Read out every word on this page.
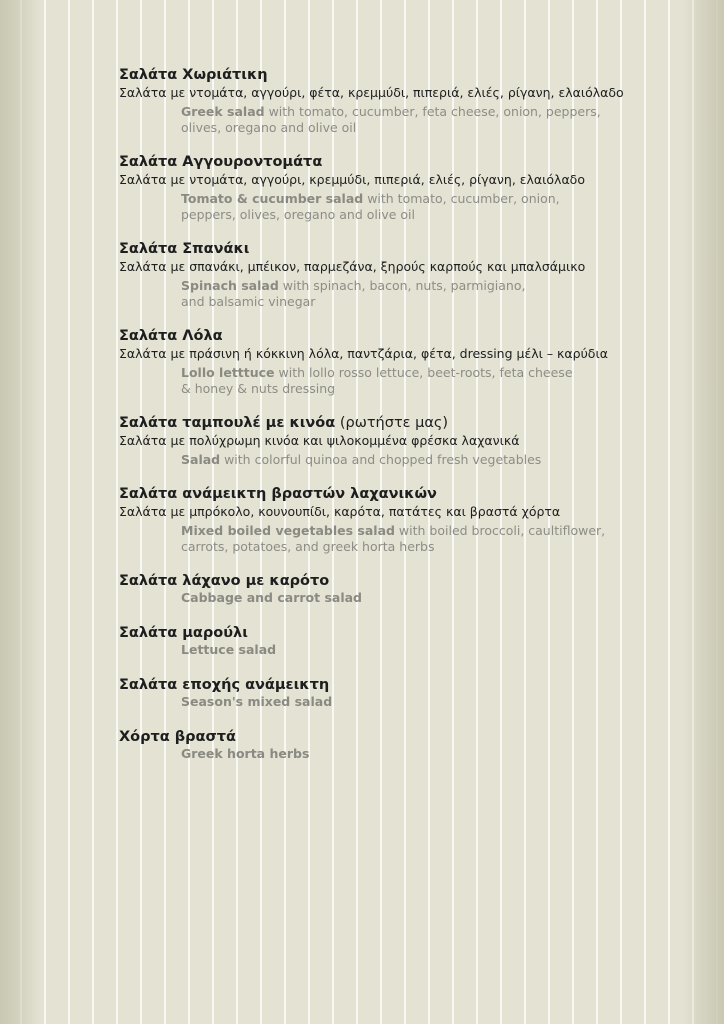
Σαλάτα Χωριάτικη
Σαλάτα με ντομάτα, αγγούρι, φέτα, κρεμμύδι, πιπεριά, ελιές, ρίγανη, ελαιόλαδο
Greek salad with tomato, cucumber, feta cheese, onion, peppers,
olives, oregano and olive oil
Σαλάτα Αγγουροντομάτα
Σαλάτα με ντομάτα, αγγούρι, κρεμμύδι, πιπεριά, ελιές, ρίγανη, ελαιόλαδο
Tomato & cucumber salad with tomato, cucumber, onion,
peppers, olives, oregano and olive oil
Σαλάτα Σπανάκι
Σαλάτα με σπανάκι, μπέικον, παρμεζάνα, ξηρούς καρπούς και μπαλσάμικο
Spinach salad with spinach, bacon, nuts, parmigiano,
and balsamic vinegar
Σαλάτα Λόλα
Σαλάτα με πράσινη ή κόκκινη λόλα, παντζάρια, φέτα, dressing μέλι – καρύδια
Lollo letttuce with lollo rosso lettuce, beet-roots, feta cheese
& honey & nuts dressing
Σαλάτα ταμπουλέ με κινόα (ρωτήστε μας)
Σαλάτα με πολύχρωμη κινόα και ψιλοκομμένα φρέσκα λαχανικά
Salad with colorful quinoa and chopped fresh vegetables
Σαλάτα ανάμεικτη βραστών λαχανικών
Σαλάτα με μπρόκολο, κουνουπίδι, καρότα, πατάτες και βραστά χόρτα
Mixed boiled vegetables salad with boiled broccoli, caultiflower,
carrots, potatoes, and greek horta herbs
Σαλάτα λάχανο με καρότο
Cabbage and carrot salad
Σαλάτα μαρούλι
Lettuce salad
Σαλάτα εποχής ανάμεικτη
Season's mixed salad
Χόρτα βραστά
Greek horta herbs
